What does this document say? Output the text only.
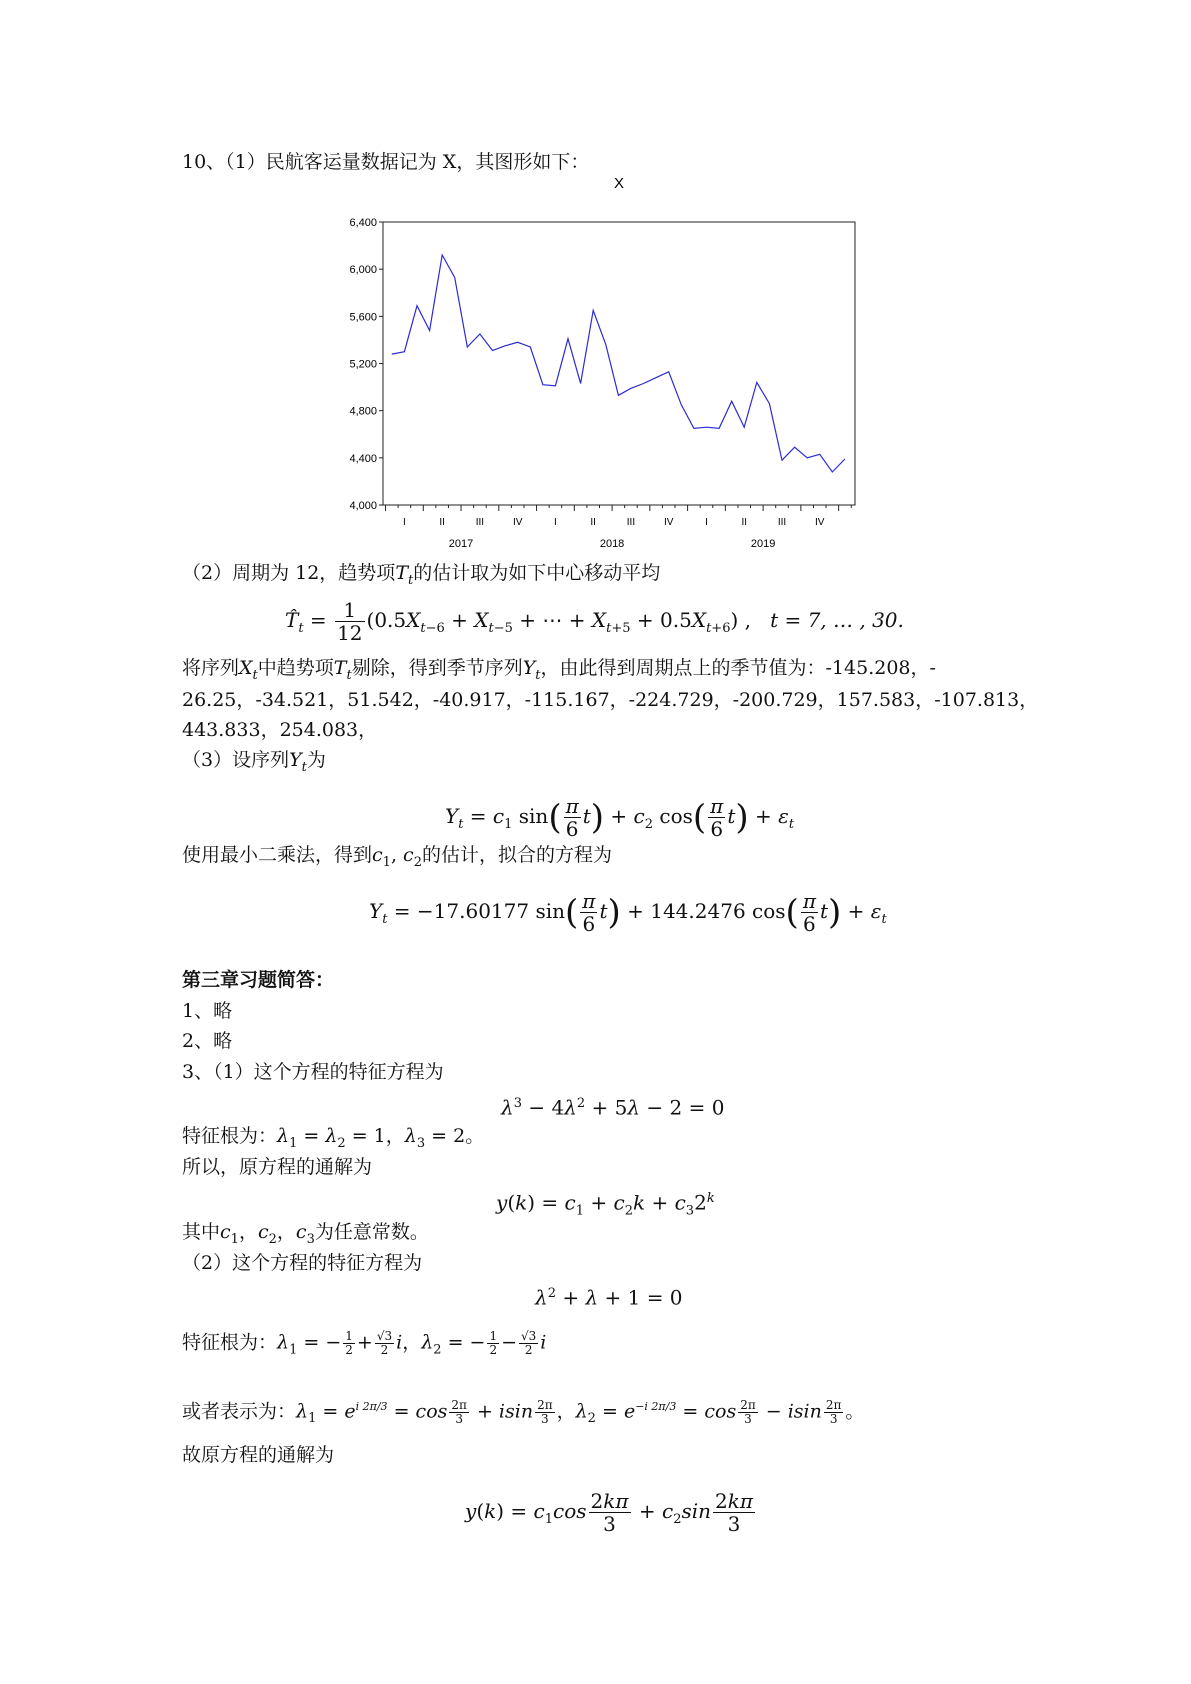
10、（1）民航客运量数据记为 X，其图形如下：
X
4,000
4,400
4,800
5,200
5,600
6,000
6,400
I	II	III	IV	I	II	III	IV	I	II	III	IV
2017	2018	2019
（2）周期为 12，趋势项$T_t$的估计取为如下中心移动平均
$T̂_t = \frac{1}{12} (0.5X_{t-6} + X_{t-5}$ + ⋯ + $X_{t+5} + 0.5X_{t+6}$) ,   t = 7, … , 30.
将序列$X_t$中趋势项$T_t$剔除，得到季节序列$Y_t$，由此得到周期点上的季节值为：-145.208，-
26.25，-34.521，51.542，-40.917，-115.167，-224.729，-200.729，157.583，-107.813，
443.833，254.083，
（3）设序列$Y_t$为
$Y_t = c_1$ $\sin( \frac{\pi}{6} t) + c_2$ $\cos( \frac{\pi}{6} t) + \varepsilon_t$
使用最小二乘法，得到$c_1$, $c_2$的估计，拟合的方程为
$Y_t = -17.60177$ $\sin( \frac{\pi}{6} t) + 144.2476$ $\cos( \frac{\pi}{6} t) + \varepsilon_t$
第三章习题简答：
1、略
2、略
3、（1）这个方程的特征方程为
$\lambda^3 - 4\lambda^2 + 5\lambda - 2 = 0$
特征根为：$\lambda_1 = \lambda_2 = 1$，$\lambda_3 = 2$。
所以，原方程的通解为
$y(k) = c_1 + c_2k + c_32^k$
其中$c_1$，$c_2$，$c_3$为任意常数。
（2）这个方程的特征方程为
$\lambda^2 + \lambda + 1 = 0$
特征根为：$\lambda_1$ = − $\frac{1}{2} + \frac{√3}{2}$ i，$\lambda_2$ = − $\frac{1}{2} - \frac{√3}{2}$ i
或者表示为：$\lambda_1 = e^{i 2\pi/3} = \cos \frac{2\pi}{3} + isin \frac{2\pi}{3}$ ，$\lambda_2 = e^{-i 2\pi/3} = \cos \frac{2\pi}{3} - isin \frac{2\pi}{3}$ 。
故原方程的通解为
$y(k) = c_1\cos \frac{2k\pi}{3} + c_2\sin \frac{2k\pi}{3}$
